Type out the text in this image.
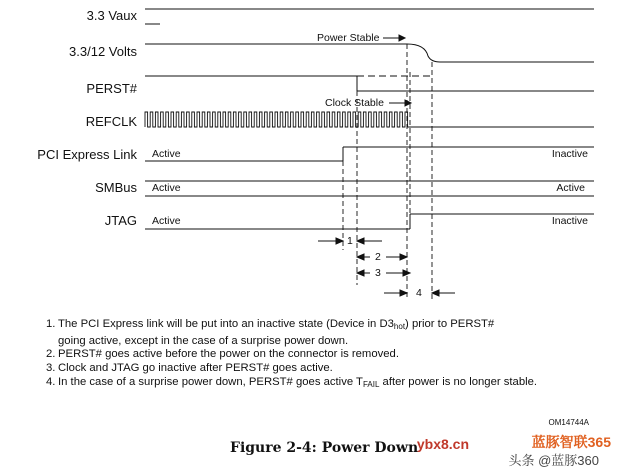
3.3 Vaux
3.3/12 Volts
PERST#
REFCLK
PCI Express Link
SMBus
JTAG
Active	Inactive
Active	Active
Active	Inactive
Power Stable
Clock Stable
1
2
3
4
1. The PCI Express link will be put into an inactive state (Device in $D3_{hot}$) prior to PERST#
going active, except in the case of a surprise power down.
2. PERST# goes active before the power on the connector is removed.
3. Clock and JTAG go inactive after PERST# goes active.
4. In the case of a surprise power down, PERST# goes active $T_{FAIL}$ after power is no longer stable.
OM14744A
Figure 2-4: Power Down
ybx8.cn	蓝豚智联365
头条 @蓝豚360
